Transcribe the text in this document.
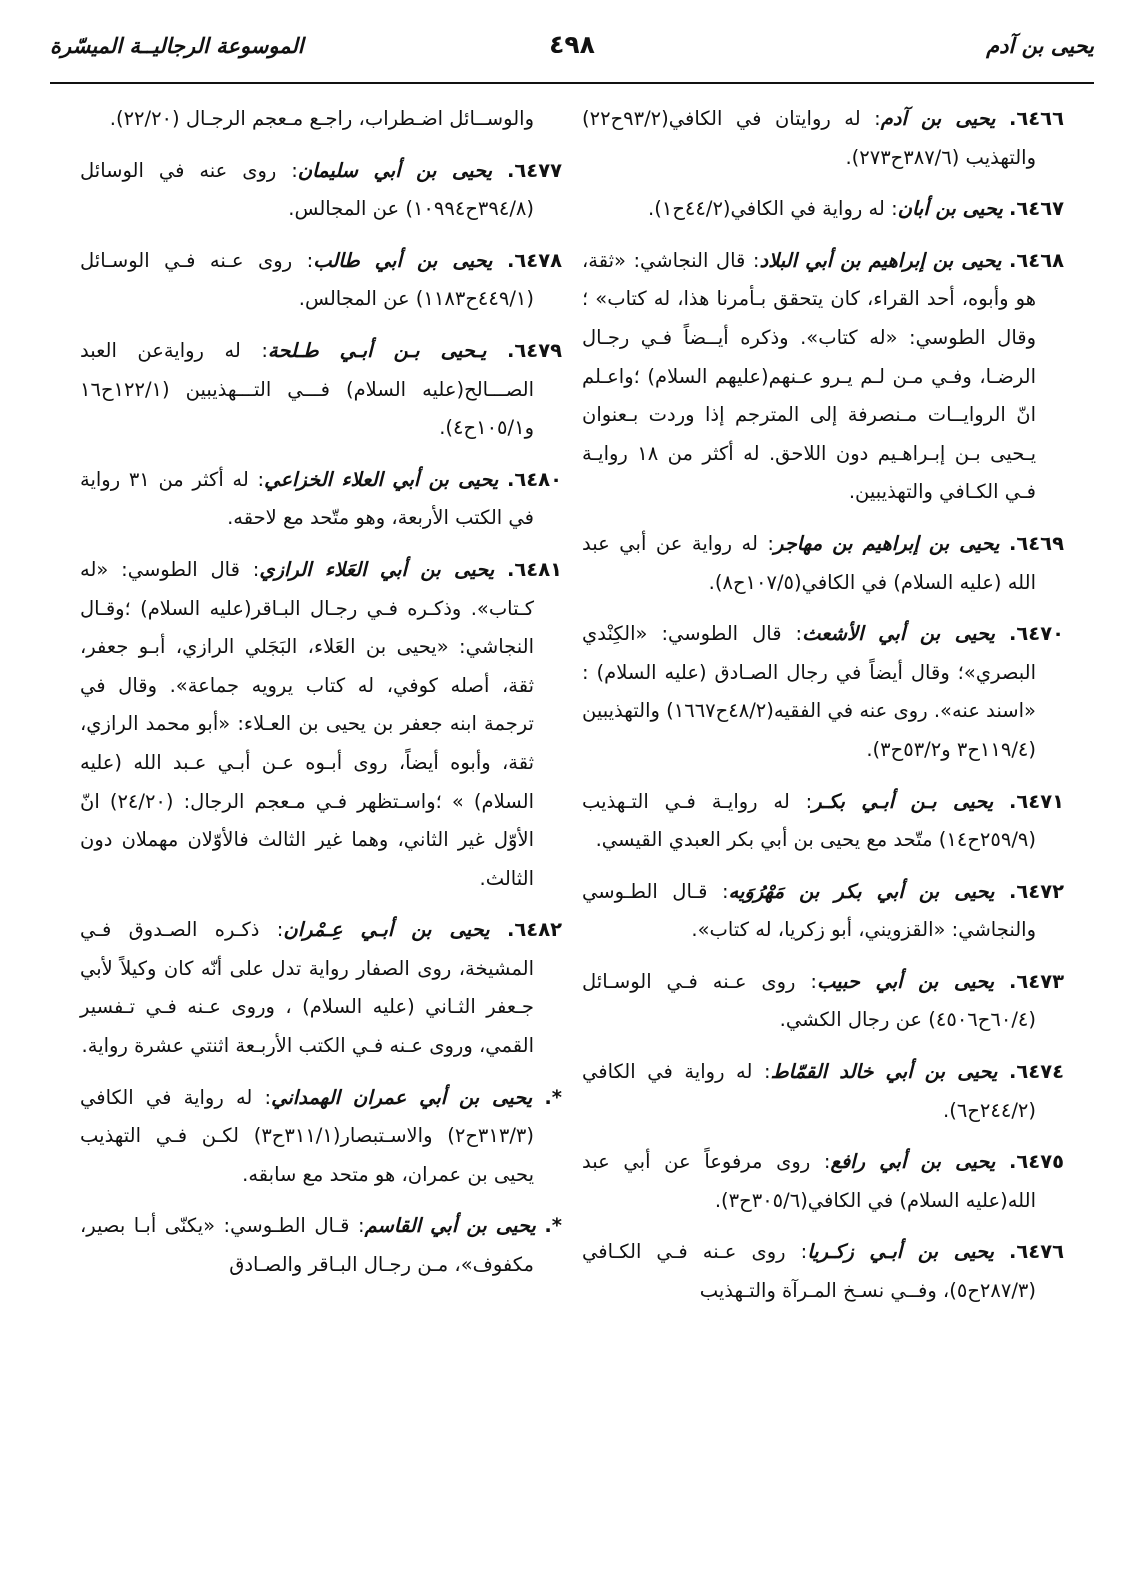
يحيى بن آدم
٤٩٨
الموسوعة الرجاليــة الميسّرة

٦٤٦٦. يحيى بن آدم: له روايتان في الكافي(٩٣/٢ح٢٢) والتهذيب (٣٨٧/٦ح٢٧٣).

٦٤٦٧. يحيى بن أبان: له رواية في الكافي(٤٤/٢ح١).

٦٤٦٨. يحيى بن إبراهيم بن أبي البلاد: قال النجاشي: «ثقة، هو وأبوه، أحد القراء، كان يتحقق بـأمرنا هذا، له كتاب» ؛وقال الطوسي: «له كتاب». وذكره أيــضاً فـي رجـال الرضـا، وفـي مـن لـم يـرو عـنهم(عليهم السلام) ؛واعـلم انّ الروايــات مـنصرفة إلى المترجم إذا وردت بـعنوان يـحيى بـن إبـراهـيم دون اللاحق. له أكثر من ١٨ روايـة فـي الكـافي والتهذيبين.

٦٤٦٩. يحيى بن إبراهيم بن مهاجر: له رواية عن أبي عبد الله (عليه السلام) في الكافي(١٠٧/٥ح٨).

٦٤٧٠. يحيى بن أبي الأشعث: قال الطوسي: «الكِنْدي البصري»؛ وقال أيضاً في رجال الصـادق (عليه السلام) : «اسند عنه». روى عنه في الفقيه(٤٨/٢ح١٦٦٧) والتهذيبين (١١٩/٤ح٣ و٥٣/٢ح٣).

٦٤٧١. يحيى بـن أبـي بكـر: له روايـة فـي التـهذيب (٢٥٩/٩ح١٤) متّحد مع يحيى بن أبي بكر العبدي القيسي.

٦٤٧٢. يحيى بن أبي بكر بن مَهْرُوَيه: قـال الطـوسي والنجاشي: «القزويني، أبو زكريا، له كتاب».

٦٤٧٣. يحيى بن أبي حبيب: روى عـنه فـي الوسـائل (٦٠/٤ح٤٥٠٦) عن رجال الكشي.

٦٤٧٤. يحيى بن أبي خالد القمّاط: له رواية في الكافي (٢٤٤/٢ح٦).

٦٤٧٥. يحيى بن أبي رافع: روى مرفوعاً عن أبي عبد الله(عليه السلام) في الكافي(٣٠٥/٦ح٣).

٦٤٧٦. يحيى بن أبـي زكـريا: روى عـنه فـي الكـافي (٢٨٧/٣ح٥)، وفــي نسـخ المـرآة والتـهذيب

والوســائل اضـطراب، راجـع مـعجم الرجـال (٢٢/٢٠).

٦٤٧٧. يحيى بن أبي سليمان: روى عنه في الوسائل (٣٩٤/٨ح١٠٩٩٤) عن المجالس.

٦٤٧٨. يحيى بن أبي طالب: روى عـنه فـي الوسـائل (٤٤٩/١ح١١٨٣) عن المجالس.

٦٤٧٩. يـحيى بـن أبـي طـلحة: له روايةعن العبد الصـــالح(عليه السلام) فـــي التـــهذيبين (١٢٢/١ح١٦ و١٠٥/١ح٤).

٦٤٨٠. يحيى بن أبي العلاء الخزاعي: له أكثر من ٣١ رواية في الكتب الأربعة، وهو متّحد مع لاحقه.

٦٤٨١. يحيى بن أبي العَلاء الرازي: قال الطوسي: «له كـتاب». وذكـره فـي رجـال البـاقر(عليه السلام) ؛وقـال النجاشي: «يحيى بن العَلاء، البَجَلي الرازي، أبـو جعفر، ثقة، أصله كوفي، له كتاب يرويه جماعة». وقال في ترجمة ابنه جعفر بن يحيى بن العـلاء: «أبو محمد الرازي، ثقة، وأبوه أيضاً، روى أبـوه عـن أبـي عـبد الله (عليه السلام) » ؛واسـتظهر فـي مـعجم الرجال: (٢٤/٢٠) انّ الأوّل غير الثاني، وهما غير الثالث فالأوّلان مهملان دون الثالث.

٦٤٨٢. يحيى بن أبـي عِـمْران: ذكـره الصـدوق فـي المشيخة، روى الصفار رواية تدل على أنّه كان وكيلاً لأبي جـعفر الثـاني (عليه السلام) ، وروى عـنه فـي تـفسير القمي، وروى عـنه فـي الكتب الأربـعة اثنتي عشرة رواية.

*. يحيى بن أبي عمران الهمداني: له رواية في الكافي (٣١٣/٣ح٢) والاسـتبصار(٣١١/١ح٣) لكـن فـي التهذيب يحيى بن عمران، هو متحد مع سابقه.

*. يحيى بن أبي القاسم: قـال الطـوسي: «يكنّى أبـا بصير، مكفوف»، مـن رجـال البـاقر والصـادق
